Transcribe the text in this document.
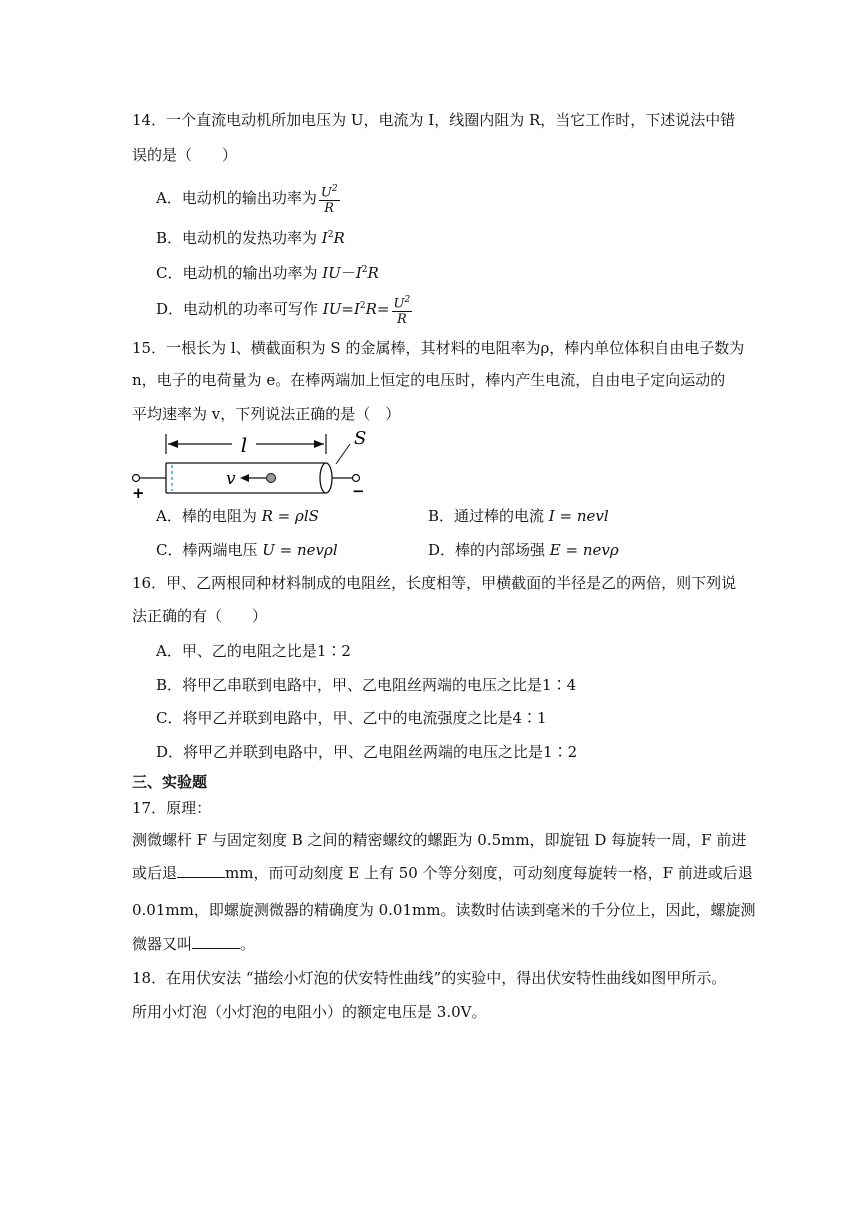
14．一个直流电动机所加电压为 U，电流为 I，线圈内阻为 R，当它工作时，下述说法中错
误的是（　　）
A．电动机的输出功率为 $\frac{U^2}{R}$
B．电动机的发热功率为 $I^2R$
C．电动机的输出功率为 $IU-I^2R$
D．电动机的功率可写作 $IU=I^2R= \frac{U^2}{R}$
15．一根长为 l、横截面积为 S 的金属棒，其材料的电阻率为ρ，棒内单位体积自由电子数为
n，电子的电荷量为 e。在棒两端加上恒定的电压时，棒内产生电流，自由电子定向运动的
平均速率为 v，下列说法正确的是（　）
l	S
v
+	−
A．棒的电阻为 R = ρlS	B．通过棒的电流 I = nevl
C．棒两端电压 U = nevρl	D．棒的内部场强 E = nevρ
16．甲、乙两根同种材料制成的电阻丝，长度相等，甲横截面的半径是乙的两倍，则下列说
法正确的有（　　）
A．甲、乙的电阻之比是1∶2
B．将甲乙串联到电路中，甲、乙电阻丝两端的电压之比是1∶4
C．将甲乙并联到电路中，甲、乙中的电流强度之比是4∶1
D．将甲乙并联到电路中，甲、乙电阻丝两端的电压之比是1∶2
三、实验题
17．原理：
测微螺杆 F 与固定刻度 B 之间的精密螺纹的螺距为 0.5mm，即旋钮 D 每旋转一周，F 前进
或后退	mm，而可动刻度 E 上有 50 个等分刻度，可动刻度每旋转一格，F 前进或后退
0.01mm，即螺旋测微器的精确度为 0.01mm。读数时估读到毫米的千分位上，因此，螺旋测
微器又叫	。
18．在用伏安法 “描绘小灯泡的伏安特性曲线”的实验中，得出伏安特性曲线如图甲所示。
所用小灯泡（小灯泡的电阻小）的额定电压是 3.0V。
